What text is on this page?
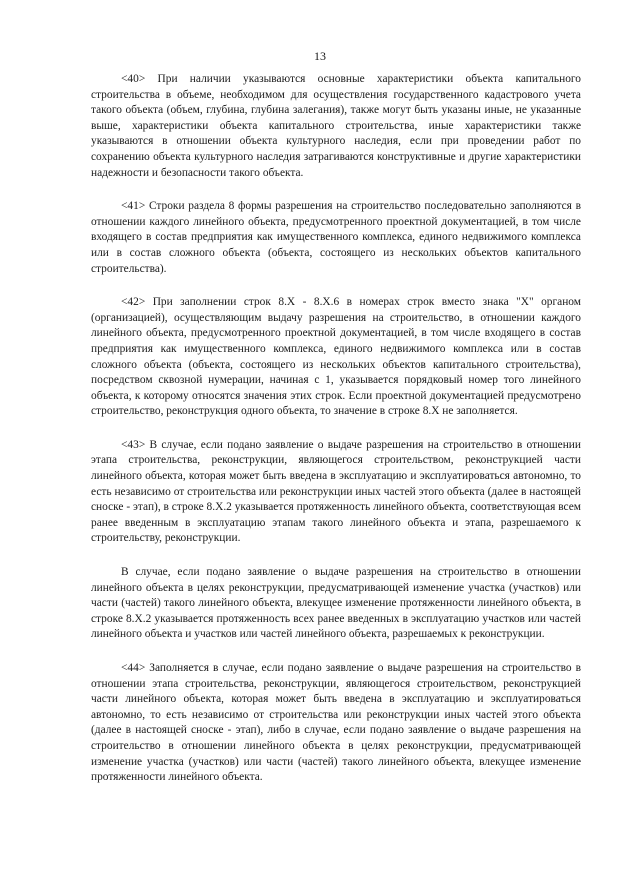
13

<40> При наличии указываются основные характеристики объекта капитального строительства в объеме, необходимом для осуществления государственного кадастрового учета такого объекта (объем, глубина, глубина залегания), также могут быть указаны иные, не указанные выше, характеристики объекта капитального строительства, иные характеристики также указываются в отношении объекта культурного наследия, если при проведении работ по сохранению объекта культурного наследия затрагиваются конструктивные и другие характеристики надежности и безопасности такого объекта.

<41> Строки раздела 8 формы разрешения на строительство последовательно заполняются в отношении каждого линейного объекта, предусмотренного проектной документацией, в том числе входящего в состав предприятия как имущественного комплекса, единого недвижимого комплекса или в состав сложного объекта (объекта, состоящего из нескольких объектов капитального строительства).

<42> При заполнении строк 8.X - 8.X.6 в номерах строк вместо знака "X" органом (организацией), осуществляющим выдачу разрешения на строительство, в отношении каждого линейного объекта, предусмотренного проектной документацией, в том числе входящего в состав предприятия как имущественного комплекса, единого недвижимого комплекса или в состав сложного объекта (объекта, состоящего из нескольких объектов капитального строительства), посредством сквозной нумерации, начиная с 1, указывается порядковый номер того линейного объекта, к которому относятся значения этих строк. Если проектной документацией предусмотрено строительство, реконструкция одного объекта, то значение в строке 8.X не заполняется.

<43> В случае, если подано заявление о выдаче разрешения на строительство в отношении этапа строительства, реконструкции, являющегося строительством, реконструкцией части линейного объекта, которая может быть введена в эксплуатацию и эксплуатироваться автономно, то есть независимо от строительства или реконструкции иных частей этого объекта (далее в настоящей сноске - этап), в строке 8.X.2 указывается протяженность линейного объекта, соответствующая всем ранее введенным в эксплуатацию этапам такого линейного объекта и этапа, разрешаемого к строительству, реконструкции.

В случае, если подано заявление о выдаче разрешения на строительство в отношении линейного объекта в целях реконструкции, предусматривающей изменение участка (участков) или части (частей) такого линейного объекта, влекущее изменение протяженности линейного объекта, в строке 8.X.2 указывается протяженность всех ранее введенных в эксплуатацию участков или частей линейного объекта и участков или частей линейного объекта, разрешаемых к реконструкции.

<44> Заполняется в случае, если подано заявление о выдаче разрешения на строительство в отношении этапа строительства, реконструкции, являющегося строительством, реконструкцией части линейного объекта, которая может быть введена в эксплуатацию и эксплуатироваться автономно, то есть независимо от строительства или реконструкции иных частей этого объекта (далее в настоящей сноске - этап), либо в случае, если подано заявление о выдаче разрешения на строительство в отношении линейного объекта в целях реконструкции, предусматривающей изменение участка (участков) или части (частей) такого линейного объекта, влекущее изменение протяженности линейного объекта.
